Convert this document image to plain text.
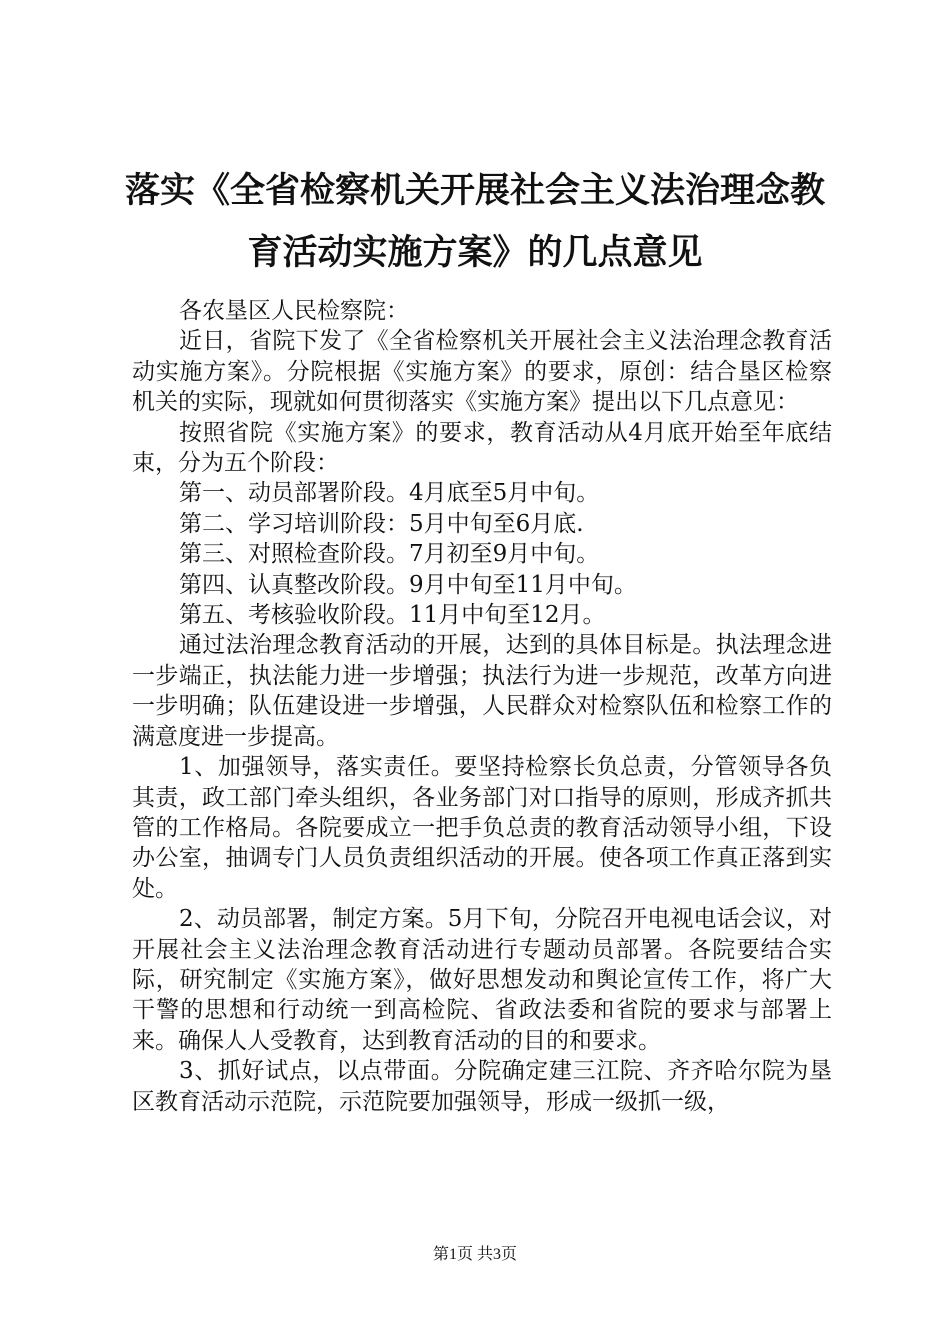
落实《全省检察机关开展社会主义法治理念教
育活动实施方案》的几点意见

各农垦区人民检察院：

近日，省院下发了《全省检察机关开展社会主义法治理念教育活动实施方案》。分院根据《实施方案》的要求，原创：结合垦区检察机关的实际，现就如何贯彻落实《实施方案》提出以下几点意见：

按照省院《实施方案》的要求，教育活动从4月底开始至年底结束，分为五个阶段：

第一、动员部署阶段。4月底至5月中旬。

第二、学习培训阶段：5月中旬至6月底.

第三、对照检查阶段。7月初至9月中旬。

第四、认真整改阶段。9月中旬至11月中旬。

第五、考核验收阶段。11月中旬至12月。

通过法治理念教育活动的开展，达到的具体目标是。执法理念进一步端正，执法能力进一步增强；执法行为进一步规范，改革方向进一步明确；队伍建设进一步增强，人民群众对检察队伍和检察工作的满意度进一步提高。

1、加强领导，落实责任。要坚持检察长负总责，分管领导各负其责，政工部门牵头组织，各业务部门对口指导的原则，形成齐抓共管的工作格局。各院要成立一把手负总责的教育活动领导小组，下设办公室，抽调专门人员负责组织活动的开展。使各项工作真正落到实处。

2、动员部署，制定方案。5月下旬，分院召开电视电话会议，对开展社会主义法治理念教育活动进行专题动员部署。各院要结合实际，研究制定《实施方案》，做好思想发动和舆论宣传工作，将广大干警的思想和行动统一到高检院、省政法委和省院的要求与部署上来。确保人人受教育，达到教育活动的目的和要求。

3、抓好试点，以点带面。分院确定建三江院、齐齐哈尔院为垦区教育活动示范院，示范院要加强领导，形成一级抓一级，

第1页 共3页
